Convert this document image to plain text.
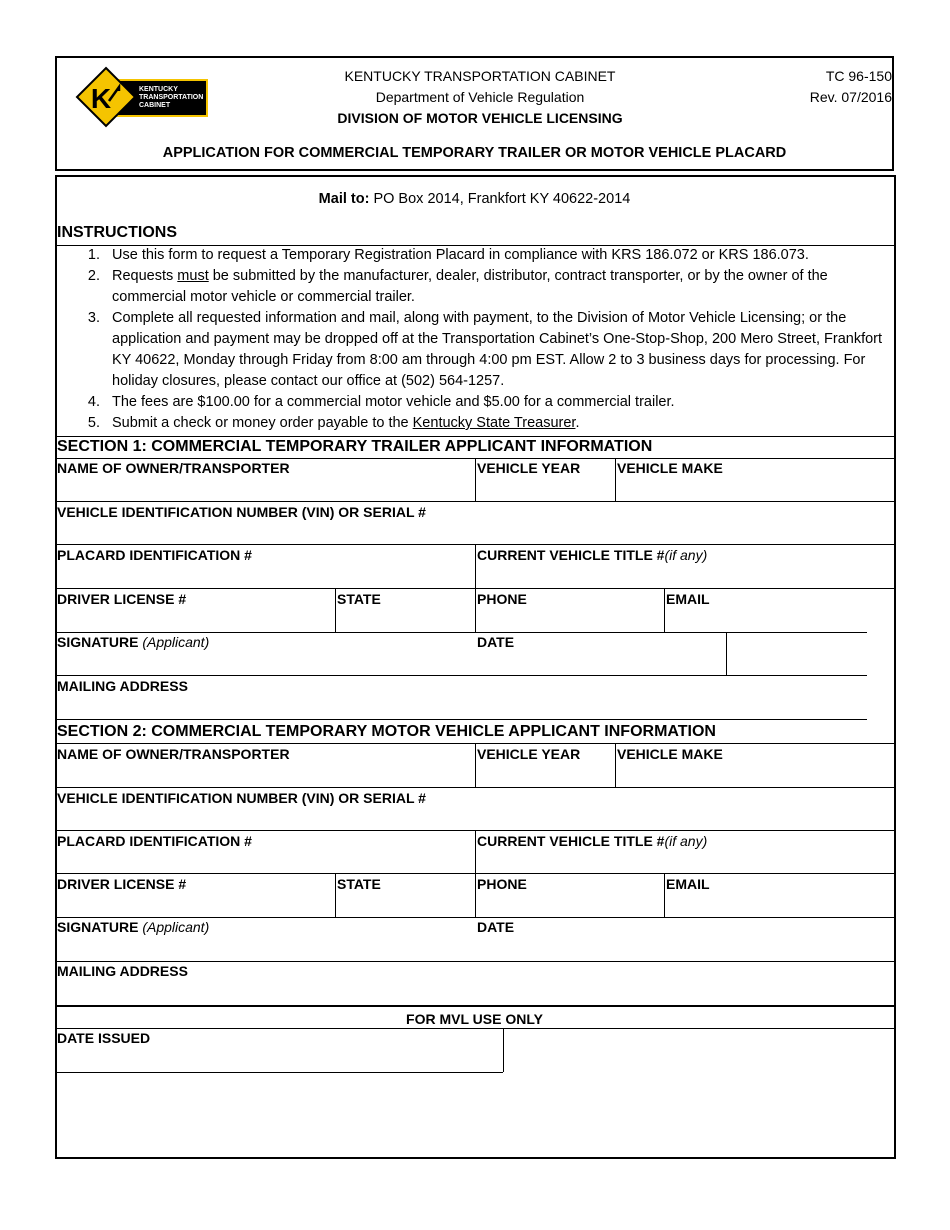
K	KENTUCKY
TRANSPORTATION
CABINET
KENTUCKY TRANSPORTATION CABINET
Department of Vehicle Regulation
DIVISION OF MOTOR VEHICLE LICENSING
TC 96-150
Rev. 07/2016
APPLICATION FOR COMMERCIAL TEMPORARY TRAILER OR MOTOR VEHICLE PLACARD
Mail to: PO Box 2014, Frankfort KY 40622-2014
INSTRUCTIONS
1. Use this form to request a Temporary Registration Placard in compliance with KRS 186.072 or KRS 186.073.
2. Requests must be submitted by the manufacturer, dealer, distributor, contract transporter, or by the owner of the commercial motor vehicle or commercial trailer.
3. Complete all requested information and mail, along with payment, to the Division of Motor Vehicle Licensing; or the application and payment may be dropped off at the Transportation Cabinet’s One-Stop-Shop, 200 Mero Street, Frankfort KY 40622, Monday through Friday from 8:00 am through 4:00 pm EST. Allow 2 to 3 business days for processing. For holiday closures, please contact our office at (502) 564-1257.
4. The fees are $100.00 for a commercial motor vehicle and $5.00 for a commercial trailer.
5. Submit a check or money order payable to the Kentucky State Treasurer.
SECTION 1: COMMERCIAL TEMPORARY TRAILER APPLICANT INFORMATION
NAME OF OWNER/TRANSPORTER	VEHICLE YEAR	VEHICLE MAKE
VEHICLE IDENTIFICATION NUMBER (VIN) OR SERIAL #
PLACARD IDENTIFICATION #	CURRENT VEHICLE TITLE #(if any)
DRIVER LICENSE #	STATE	PHONE	EMAIL
SIGNATURE (Applicant)	DATE
MAILING ADDRESS
SECTION 2: COMMERCIAL TEMPORARY MOTOR VEHICLE APPLICANT INFORMATION
NAME OF OWNER/TRANSPORTER	VEHICLE YEAR	VEHICLE MAKE
VEHICLE IDENTIFICATION NUMBER (VIN) OR SERIAL #
PLACARD IDENTIFICATION #	CURRENT VEHICLE TITLE #(if any)
DRIVER LICENSE #	STATE	PHONE	EMAIL
SIGNATURE (Applicant)	DATE
MAILING ADDRESS
FOR MVL USE ONLY
DATE ISSUED
